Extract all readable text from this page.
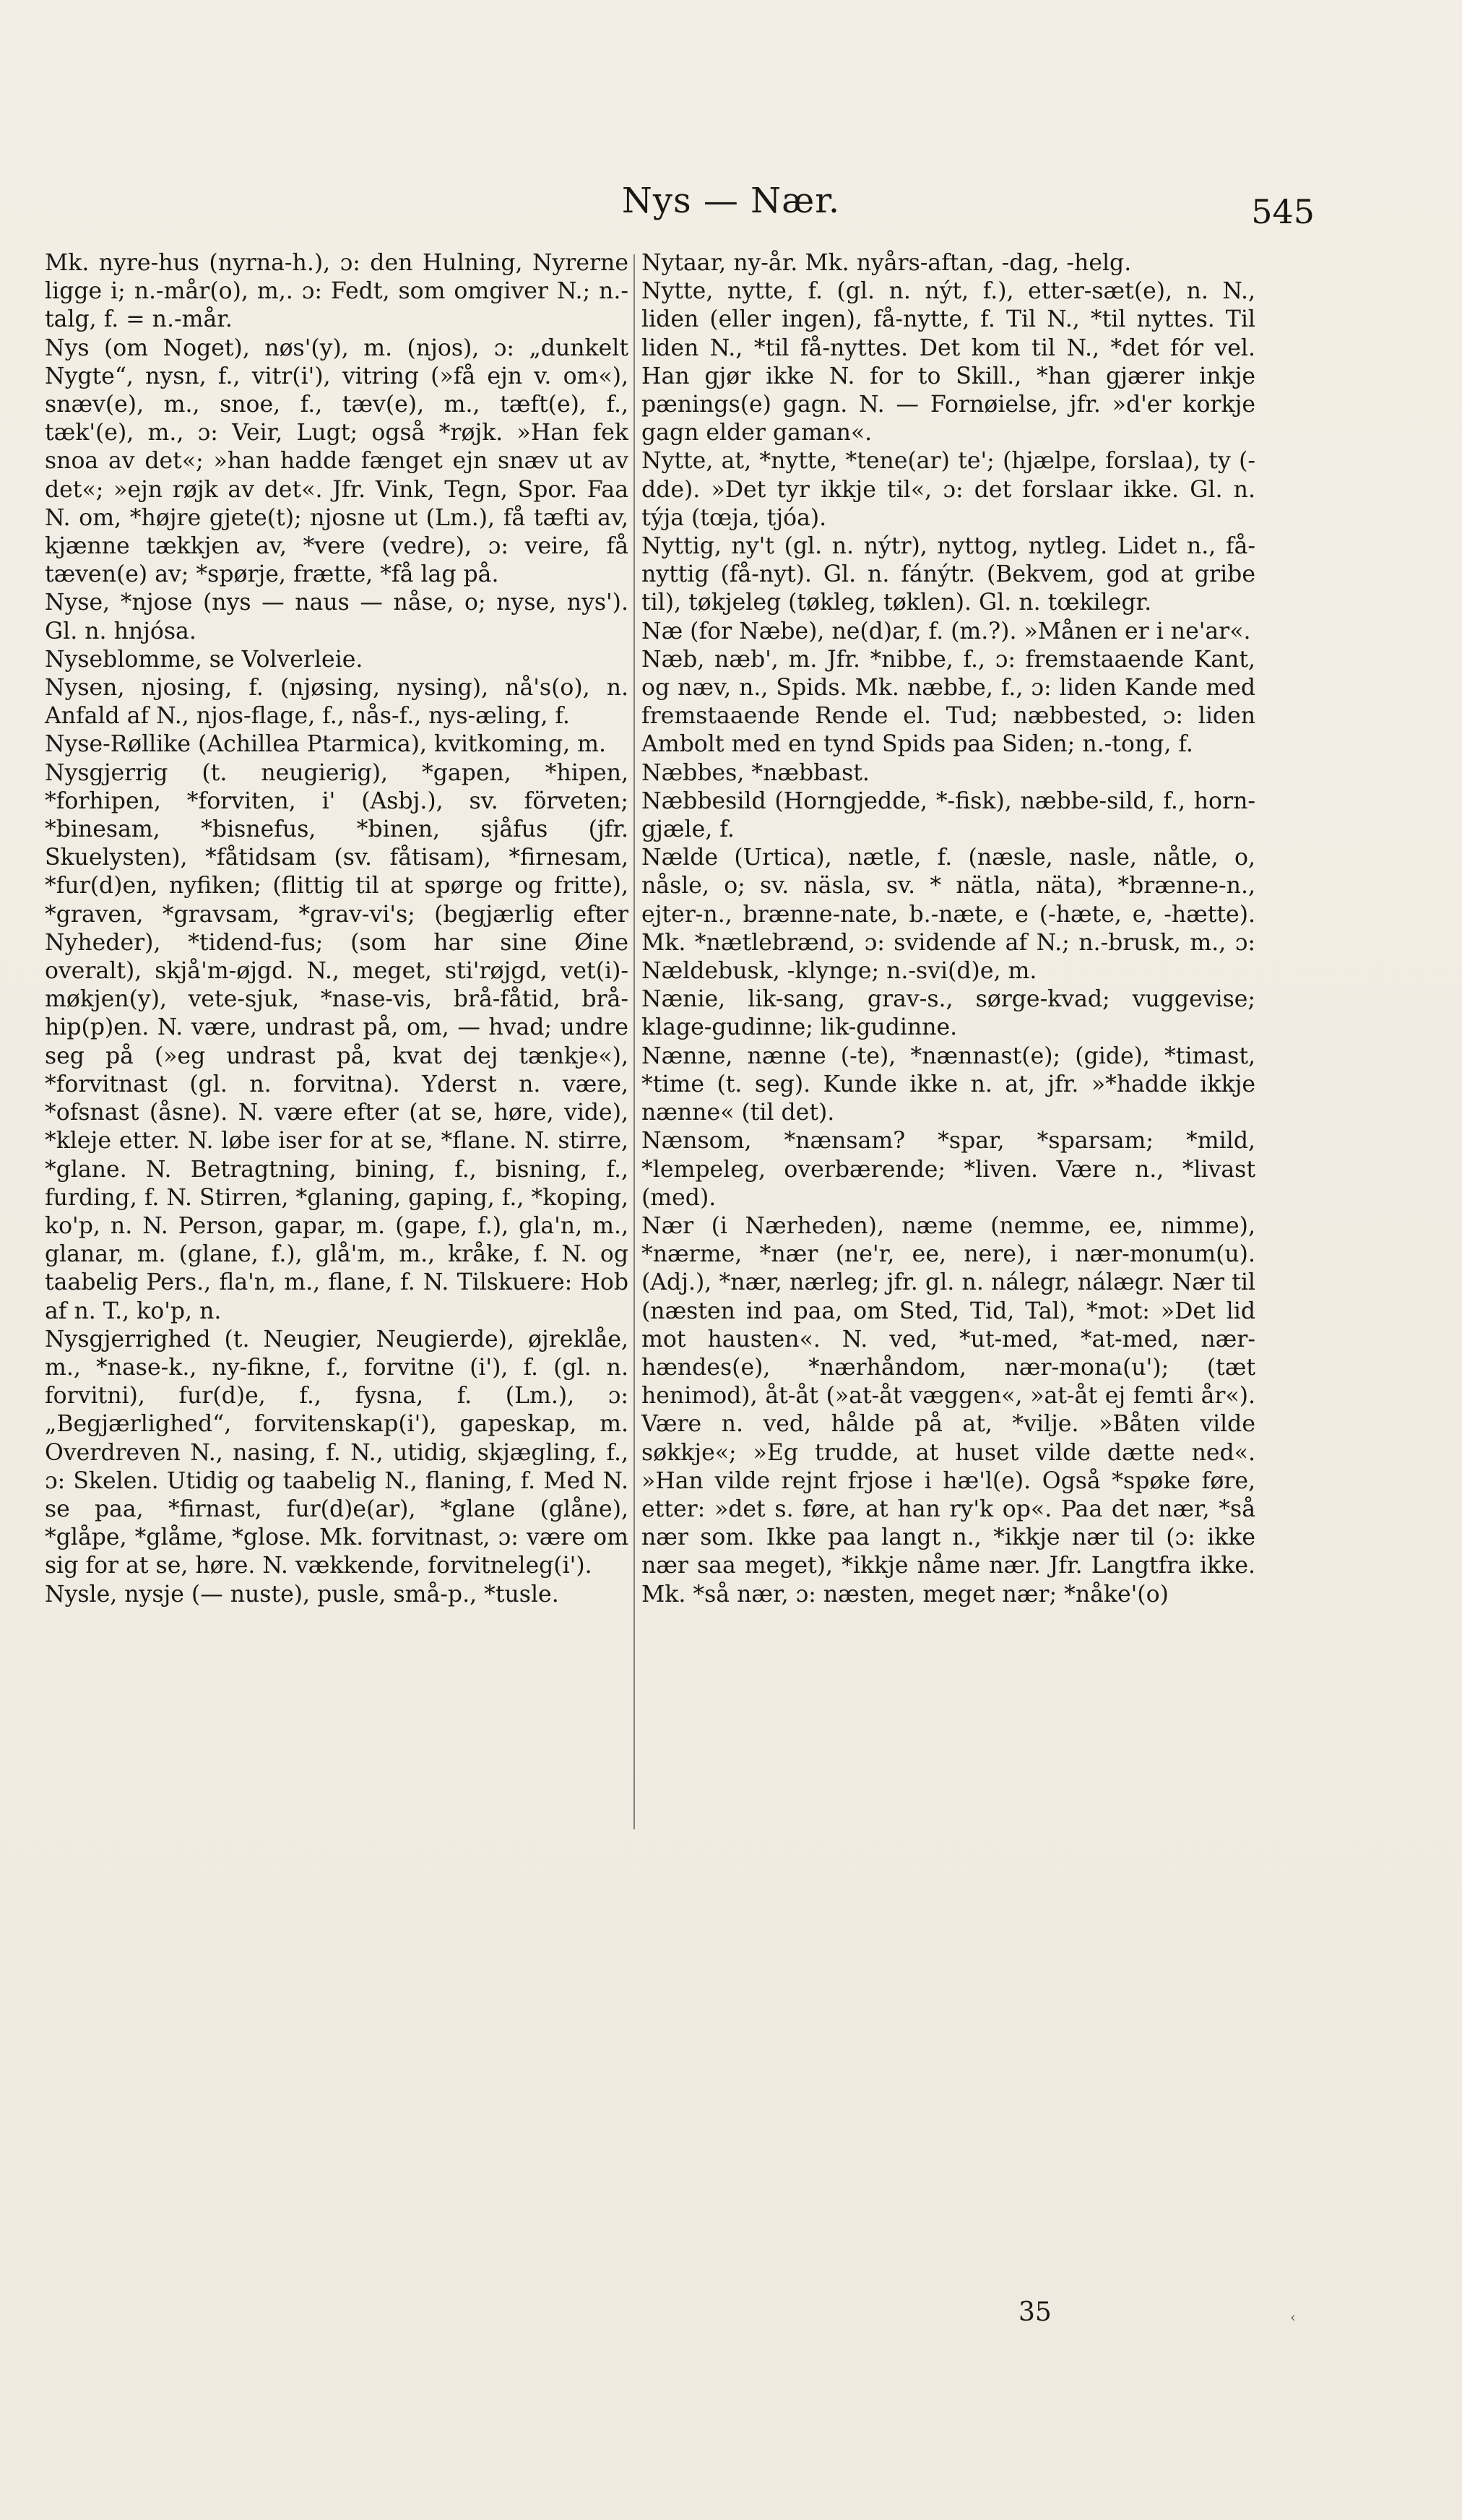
Nys — Nær.	545

Mk. nyre-hus (nyrna-h.), ɔ: den Hulning, Nyrerne ligge i; n.-mår(o), m,. ɔ: Fedt, som omgiver N.; n.-talg, f. = n.-mår.

Nys (om Noget), nøs'(y), m. (njos), ɔ: „dunkelt Nygte“, nysn, f., vitr(i'), vitring (»få ejn v. om«), snæv(e), m., snoe, f., tæv(e), m., tæft(e), f., tæk'(e), m., ɔ: Veir, Lugt; også *røjk. »Han fek snoa av det«; »han hadde fænget ejn snæv ut av det«; »ejn røjk av det«. Jfr. Vink, Tegn, Spor. Faa N. om, *højre gjete(t); njosne ut (Lm.), få tæfti av, kjænne tækkjen av, *vere (vedre), ɔ: veire, få tæven(e) av; *spørje, frætte, *få lag på.

Nyse, *njose (nys — naus — nåse, o; nyse, nys'). Gl. n. hnjósa.

Nyseblomme, se Volverleie.

Nysen, njosing, f. (njøsing, nysing), nå's(o), n. Anfald af N., njos-flage, f., nås-f., nys-æling, f.

Nyse-Røllike (Achillea Ptarmica), kvitkoming, m.

Nysgjerrig (t. neugierig), *gapen, *hipen, *forhipen, *forviten, i' (Asbj.), sv. förveten; *binesam, *bisnefus, *binen, sjåfus (jfr. Skuelysten), *fåtidsam (sv. fåtisam), *firnesam, *fur(d)en, nyfiken; (flittig til at spørge og fritte), *graven, *gravsam, *grav-vi's; (begjærlig efter Nyheder), *tidend-fus; (som har sine Øine overalt), skjå'm-øjgd. N., meget, sti'røjgd, vet(i)-møkjen(y), vete-sjuk, *nase-vis, brå-fåtid, brå-hip(p)en. N. være, undrast på, om, — hvad; undre seg på (»eg undrast på, kvat dej tænkje«), *forvitnast (gl. n. forvitna). Yderst n. være, *ofsnast (åsne). N. være efter (at se, høre, vide), *kleje etter. N. løbe iser for at se, *flane. N. stirre, *glane. N. Betragtning, bining, f., bisning, f., furding, f. N. Stirren, *glaning, gaping, f., *koping, ko'p, n. N. Person, gapar, m. (gape, f.), gla'n, m., glanar, m. (glane, f.), glå'm, m., kråke, f. N. og taabelig Pers., fla'n, m., flane, f. N. Tilskuere: Hob af n. T., ko'p, n.

Nysgjerrighed (t. Neugier, Neugierde), øjreklåe, m., *nase-k., ny-fikne, f., forvitne (i'), f. (gl. n. forvitni), fur(d)e, f., fysna, f. (Lm.), ɔ: „Begjærlighed“, forvitenskap(i'), gapeskap, m. Overdreven N., nasing, f. N., utidig, skjægling, f., ɔ: Skelen. Utidig og taabelig N., flaning, f. Med N. se paa, *firnast, fur(d)e(ar), *glane (glåne), *glåpe, *glåme, *glose. Mk. forvitnast, ɔ: være om sig for at se, høre. N. vækkende, forvitneleg(i').

Nysle, nysje (— nuste), pusle, små-p., *tusle.

Nytaar, ny-år. Mk. nyårs-aftan, -dag, -helg.

Nytte, nytte, f. (gl. n. nýt, f.), etter-sæt(e), n. N., liden (eller ingen), få-nytte, f. Til N., *til nyttes. Til liden N., *til få-nyttes. Det kom til N., *det fór vel. Han gjør ikke N. for to Skill., *han gjærer inkje pænings(e) gagn. N. — Fornøielse, jfr. »d'er korkje gagn elder gaman«.

Nytte, at, *nytte, *tene(ar) te'; (hjælpe, forslaa), ty (-dde). »Det tyr ikkje til«, ɔ: det forslaar ikke. Gl. n. týja (tœja, tjóa).

Nyttig, ny't (gl. n. nýtr), nyttog, nytleg. Lidet n., få-nyttig (få-nyt). Gl. n. fánýtr. (Bekvem, god at gribe til), tøkjeleg (tøkleg, tøklen). Gl. n. tœkilegr.

Næ (for Næbe), ne(d)ar, f. (m.?). »Månen er i ne'ar«.

Næb, næb', m. Jfr. *nibbe, f., ɔ: fremstaaende Kant, og næv, n., Spids. Mk. næbbe, f., ɔ: liden Kande med fremstaaende Rende el. Tud; næbbested, ɔ: liden Ambolt med en tynd Spids paa Siden; n.-tong, f.

Næbbes, *næbbast.

Næbbesild (Horngjedde, *-fisk), næbbe-sild, f., horn-gjæle, f.

Nælde (Urtica), nætle, f. (næsle, nasle, nåtle, o, nåsle, o; sv. näsla, sv. * nätla, näta), *brænne-n., ejter-n., brænne-nate, b.-næte, e (-hæte, e, -hætte). Mk. *nætlebrænd, ɔ: svidende af N.; n.-brusk, m., ɔ: Nældebusk, -klynge; n.-svi(d)e, m.

Nænie, lik-sang, grav-s., sørge-kvad; vuggevise; klage-gudinne; lik-gudinne.

Nænne, nænne (-te), *nænnast(e); (gide), *timast, *time (t. seg). Kunde ikke n. at, jfr. »*hadde ikkje nænne« (til det).

Nænsom, *nænsam? *spar, *sparsam; *mild, *lempeleg, overbærende; *liven. Være n., *livast (med).

Nær (i Nærheden), næme (nemme, ee, nimme), *nærme, *nær (ne'r, ee, nere), i nær-monum(u). (Adj.), *nær, nærleg; jfr. gl. n. nálegr, nálægr. Nær til (næsten ind paa, om Sted, Tid, Tal), *mot: »Det lid mot hausten«. N. ved, *ut-med, *at-med, nær-hændes(e), *nærhåndom, nær-mona(u'); (tæt henimod), åt-åt (»at-åt væggen«, »at-åt ej femti år«). Være n. ved, hålde på at, *vilje. »Båten vilde søkkje«; »Eg trudde, at huset vilde dætte ned«. »Han vilde rejnt frjose i hæ'l(e). Også *spøke føre, etter: »det s. føre, at han ry'k op«. Paa det nær, *så nær som. Ikke paa langt n., *ikkje nær til (ɔ: ikke nær saa meget), *ikkje nåme nær. Jfr. Langtfra ikke. Mk. *så nær, ɔ: næsten, meget nær; *nåke'(o)

35	‹
